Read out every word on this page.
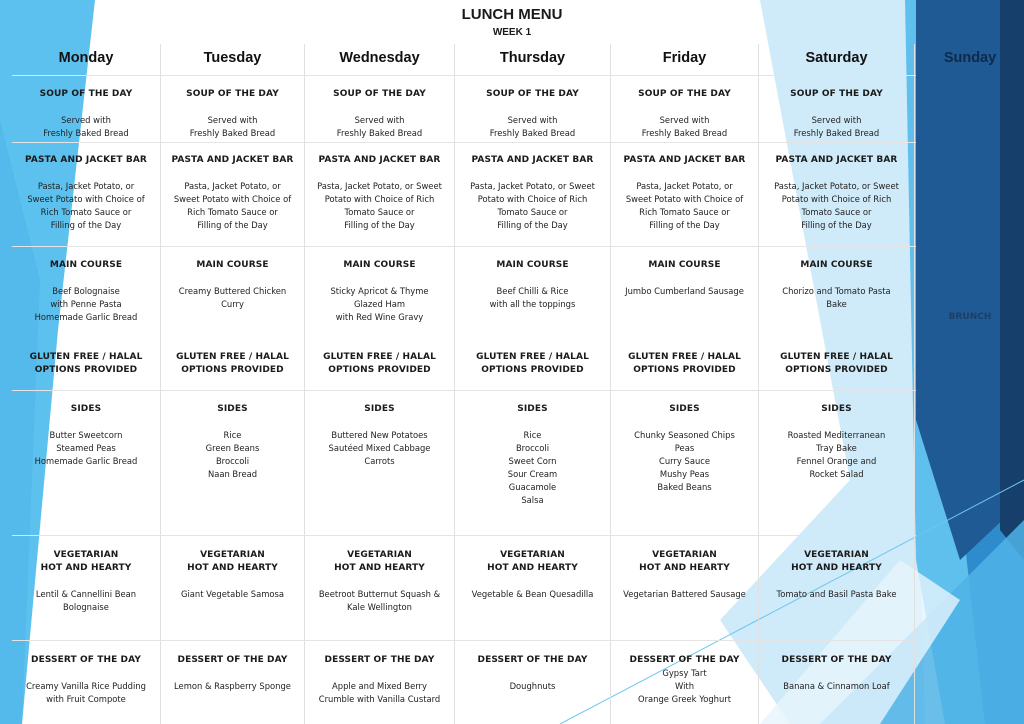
LUNCH MENU
WEEK 1
Monday
SOUP OF THE DAY
Served with
Freshly Baked Bread
PASTA AND JACKET BAR
Pasta, Jacket Potato, or
Sweet Potato with Choice of
Rich Tomato Sauce or
Filling of the Day
MAIN COURSE
Beef Bolognaise
with Penne Pasta
Homemade Garlic Bread
GLUTEN FREE / HALAL
OPTIONS PROVIDED
SIDES
Butter Sweetcorn
Steamed Peas
Homemade Garlic Bread
VEGETARIAN
HOT AND HEARTY
Lentil & Cannellini Bean
Bolognaise
DESSERT OF THE DAY
Creamy Vanilla Rice Pudding
with Fruit Compote
Tuesday
SOUP OF THE DAY
Served with
Freshly Baked Bread
PASTA AND JACKET BAR
Pasta, Jacket Potato, or
Sweet Potato with Choice of
Rich Tomato Sauce or
Filling of the Day
MAIN COURSE
Creamy Buttered Chicken
Curry
GLUTEN FREE / HALAL
OPTIONS PROVIDED
SIDES
Rice
Green Beans
Broccoli
Naan Bread
VEGETARIAN
HOT AND HEARTY
Giant Vegetable Samosa
DESSERT OF THE DAY
Lemon & Raspberry Sponge
Wednesday
SOUP OF THE DAY
Served with
Freshly Baked Bread
PASTA AND JACKET BAR
Pasta, Jacket Potato, or Sweet
Potato with Choice of Rich
Tomato Sauce or
Filling of the Day
MAIN COURSE
Sticky Apricot & Thyme
Glazed Ham
with Red Wine Gravy
GLUTEN FREE / HALAL
OPTIONS PROVIDED
SIDES
Buttered New Potatoes
Sautéed Mixed Cabbage
Carrots
VEGETARIAN
HOT AND HEARTY
Beetroot Butternut Squash &
Kale Wellington
DESSERT OF THE DAY
Apple and Mixed Berry
Crumble with Vanilla Custard
Thursday
SOUP OF THE DAY
Served with
Freshly Baked Bread
PASTA AND JACKET BAR
Pasta, Jacket Potato, or Sweet
Potato with Choice of Rich
Tomato Sauce or
Filling of the Day
MAIN COURSE
Beef Chilli & Rice
with all the toppings
GLUTEN FREE / HALAL
OPTIONS PROVIDED
SIDES
Rice
Broccoli
Sweet Corn
Sour Cream
Guacamole
Salsa
VEGETARIAN
HOT AND HEARTY
Vegetable & Bean Quesadilla
DESSERT OF THE DAY
Doughnuts
Friday
SOUP OF THE DAY
Served with
Freshly Baked Bread
PASTA AND JACKET BAR
Pasta, Jacket Potato, or
Sweet Potato with Choice of
Rich Tomato Sauce or
Filling of the Day
MAIN COURSE
Jumbo Cumberland Sausage
GLUTEN FREE / HALAL
OPTIONS PROVIDED
SIDES
Chunky Seasoned Chips
Peas
Curry Sauce
Mushy Peas
Baked Beans
VEGETARIAN
HOT AND HEARTY
Vegetarian Battered Sausage
DESSERT OF THE DAY
Gypsy Tart
With
Orange Greek Yoghurt
Saturday
SOUP OF THE DAY
Served with
Freshly Baked Bread
PASTA AND JACKET BAR
Pasta, Jacket Potato, or Sweet
Potato with Choice of Rich
Tomato Sauce or
Filling of the Day
MAIN COURSE
Chorizo and Tomato Pasta
Bake
GLUTEN FREE / HALAL
OPTIONS PROVIDED
SIDES
Roasted Mediterranean
Tray Bake
Fennel Orange and
Rocket Salad
VEGETARIAN
HOT AND HEARTY
Tomato and Basil Pasta Bake
DESSERT OF THE DAY
Banana & Cinnamon Loaf
Sunday
BRUNCH
